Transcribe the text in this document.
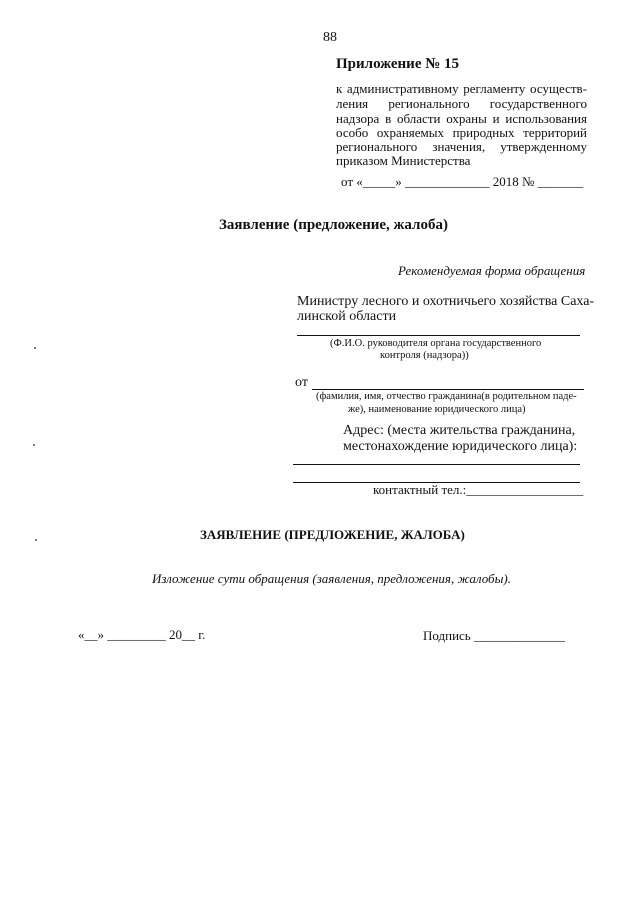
88
Приложение № 15
к административному регламенту осуществ-
ления регионального государственного
надзора в области охраны и использования
особо охраняемых природных территорий
регионального значения, утвержденному
приказом Министерства
от «_____» _____________ 2018 № _______
Заявление (предложение, жалоба)
Рекомендуемая форма обращения
Министру лесного и охотничьего хозяйства Саха-
линской области
(Ф.И.О. руководителя органа государственного
контроля (надзора))
от
(фамилия, имя, отчество гражданина(в родительном паде-
же), наименование юридического лица)
Адрес: (места жительства гражданина,
местонахождение юридического лица):
контактный тел.:__________________
ЗАЯВЛЕНИЕ (ПРЕДЛОЖЕНИЕ, ЖАЛОБА)
Изложение сути обращения (заявления, предложения, жалобы).
«__» _________ 20__ г.	Подпись ______________
